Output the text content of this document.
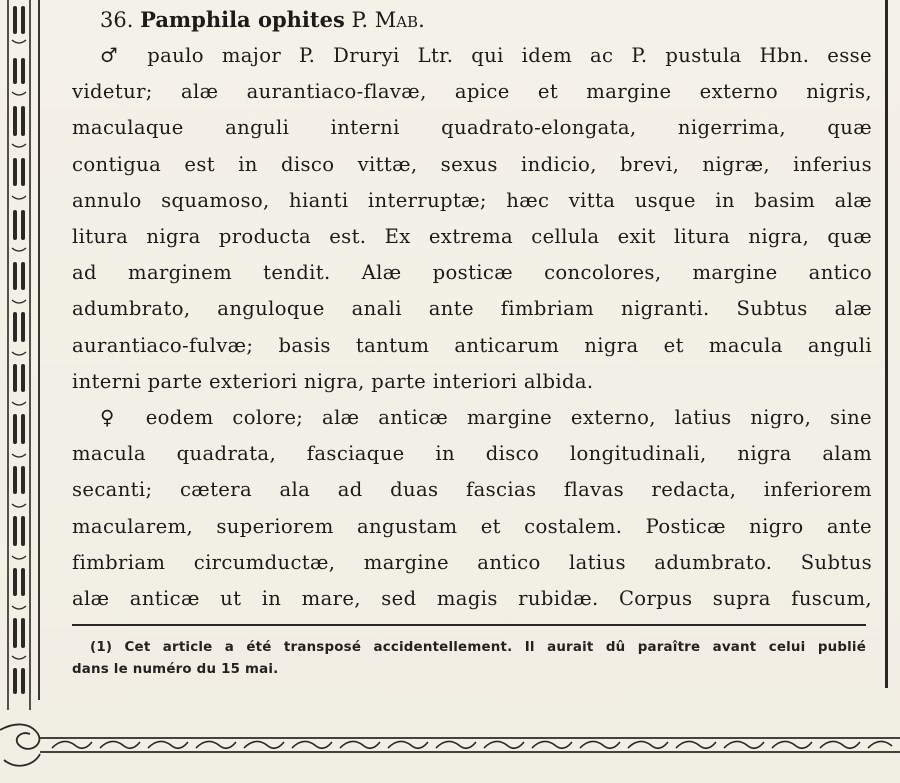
36. Pamphila ophites P. Mab.

♂ paulo major P. Druryi Ltr. qui idem ac P. pustula Hbn. esse
videtur; alæ aurantiaco-flavæ, apice et margine externo nigris,
maculaque anguli interni quadrato-elongata, nigerrima, quæ
contigua est in disco vittæ, sexus indicio, brevi, nigræ, inferius
annulo squamoso, hianti interruptæ; hæc vitta usque in basim alæ
litura nigra producta est. Ex extrema cellula exit litura nigra, quæ
ad marginem tendit. Alæ posticæ concolores, margine antico
adumbrato, anguloque anali ante fimbriam nigranti. Subtus alæ
aurantiaco-fulvæ; basis tantum anticarum nigra et macula anguli
interni parte exteriori nigra, parte interiori albida.

♀ eodem colore; alæ anticæ margine externo, latius nigro, sine
macula quadrata, fasciaque in disco longitudinali, nigra alam
secanti; cætera ala ad duas fascias flavas redacta, inferiorem
macularem, superiorem angustam et costalem. Posticæ nigro ante
fimbriam circumductæ, margine antico latius adumbrato. Subtus
alæ anticæ ut in mare, sed magis rubidæ. Corpus supra fuscum,

(1) Cet article a été transposé accidentellement. Il aurait dû paraître avant celui publié
dans le numéro du 15 mai.
